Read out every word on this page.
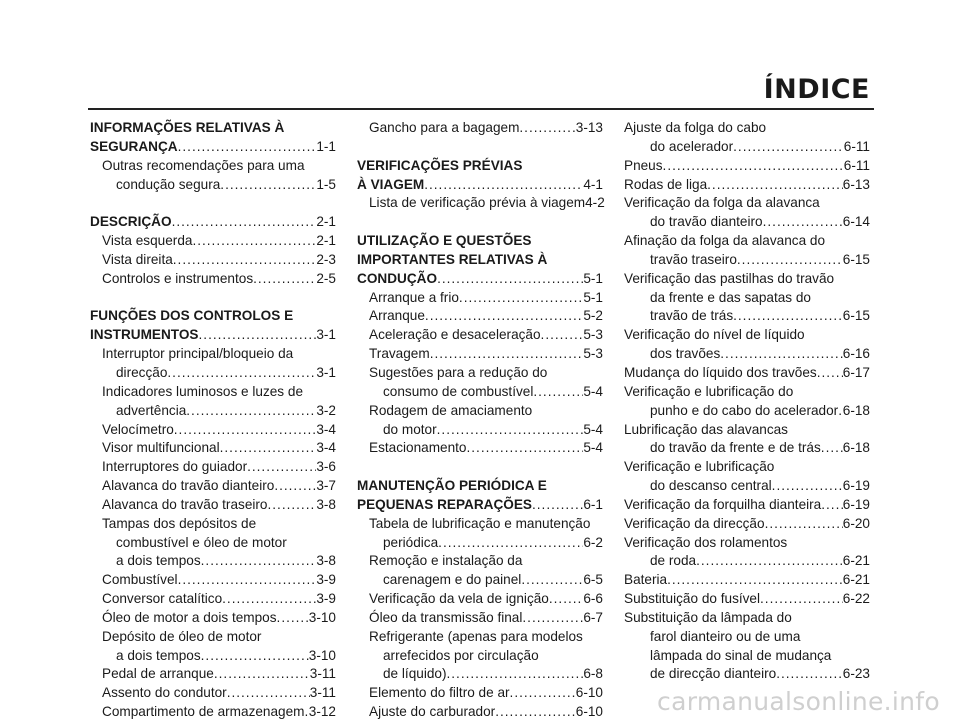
ÍNDICE
INFORMAÇÕES RELATIVAS À
SEGURANÇA .....	1-1
Outras recomendações para uma
condução segura .....	1-5
DESCRIÇÃO .....	2-1
Vista esquerda .....	2-1
Vista direita .....	2-3
Controlos e instrumentos .....	2-5
FUNÇÕES DOS CONTROLOS E
INSTRUMENTOS .....	3-1
Interruptor principal/bloqueio da
direcção .....	3-1
Indicadores luminosos e luzes de
advertência .....	3-2
Velocímetro .....	3-4
Visor multifuncional .....	3-4
Interruptores do guiador .....	3-6
Alavanca do travão dianteiro .....	3-7
Alavanca do travão traseiro .....	3-8
Tampas dos depósitos de
combustível e óleo de motor
a dois tempos .....	3-8
Combustível .....	3-9
Conversor catalítico .....	3-9
Óleo de motor a dois tempos ..... 3-10
Depósito de óleo de motor
a dois tempos .....	3-10
Pedal de arranque .....	3-11
Assento do condutor .....	3-11
Compartimento de armazenagem ..... 3-12
Gancho para a bagagem .....	3-13
VERIFICAÇÕES PRÉVIAS
À VIAGEM .....	4-1
Lista de verificação prévia à viagem 4-2
UTILIZAÇÃO E QUESTÕES
IMPORTANTES RELATIVAS À
CONDUÇÃO .....	5-1
Arranque a frio .....	5-1
Arranque .....	5-2
Aceleração e desaceleração .....	5-3
Travagem .....	5-3
Sugestões para a redução do
consumo de combustível .....	5-4
Rodagem de amaciamento
do motor .....	5-4
Estacionamento .....	5-4
MANUTENÇÃO PERIÓDICA E
PEQUENAS REPARAÇÕES .....	6-1
Tabela de lubrificação e manutenção
periódica .....	6-2
Remoção e instalação da
carenagem e do painel .....	6-5
Verificação da vela de ignição .....	6-6
Óleo da transmissão final .....	6-7
Refrigerante (apenas para modelos
arrefecidos por circulação
de líquido) .....	6-8
Elemento do filtro de ar .....	6-10
Ajuste do carburador .....	6-10
Ajuste da folga do cabo
do acelerador .....	6-11
Pneus .....	6-11
Rodas de liga .....	6-13
Verificação da folga da alavanca
do travão dianteiro .....	6-14
Afinação da folga da alavanca do
travão traseiro .....	6-15
Verificação das pastilhas do travão
da frente e das sapatas do
travão de trás .....	6-15
Verificação do nível de líquido
dos travões .....	6-16
Mudança do líquido dos travões ..... 6-17
Verificação e lubrificação do
punho e do cabo do acelerador ..... 6-18
Lubrificação das alavancas
do travão da frente e de trás ..... 6-18
Verificação e lubrificação
do descanso central .....	6-19
Verificação da forquilha dianteira ..... 6-19
Verificação da direcção .....	6-20
Verificação dos rolamentos
de roda .....	6-21
Bateria .....	6-21
Substituição do fusível .....	6-22
Substituição da lâmpada do
farol dianteiro ou de uma
lâmpada do sinal de mudança
de direcção dianteiro .....	6-23
carmanualsonline.info
